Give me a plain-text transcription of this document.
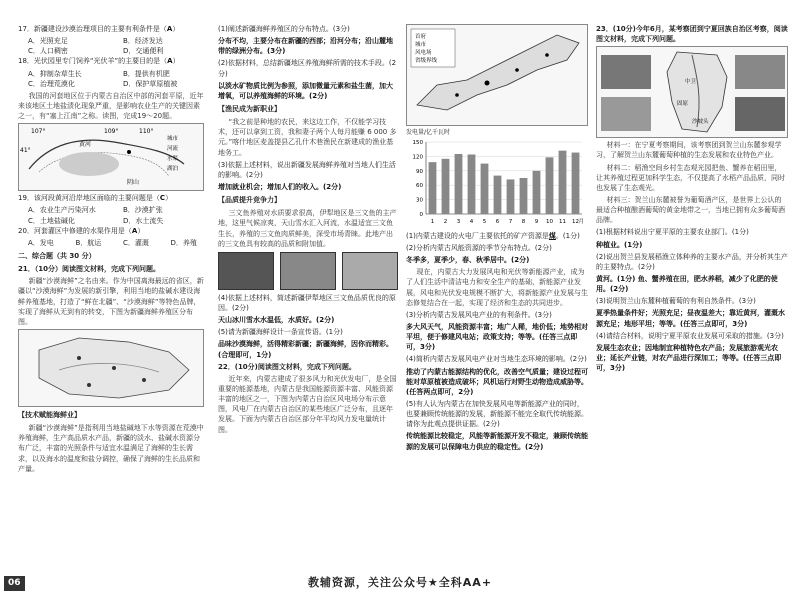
17．新疆建设沙漠治理项目的主要有利条件是（A）
A．光照充足	B．经济发达
C．人口稠密	D．交通便利
18．光伏园里专门饲养“光伏羊”的主要目的是（A）
A．抑制杂草生长	B．提供有机肥
C．治理荒漠化	D．保护草原植被
我国的河套地区位于内蒙古自治区中部的河套平原，近年来该地区土地盐渍化现象严重，是影响农业生产的关键因素之一，有“塞上江南”之称。读图，完成19～20题。
107°	109°	110°
41°
黄河
阴山
城市
河流
水渠
湖泊
19．该河段黄河沿岸地区面临的主要问题是（C）
A．农业生产污染河水	B．沙漠扩张
C．土地盐碱化	D．水土流失
20．河套灌区中修建的水渠作用是（A）
A．发电	B．航运	C．灌溉	D．养殖
二、综合题（共 30 分）
21．（10分）阅读图文材料，完成下列问题。
新疆“沙漠海鲜”之名由来。作为中国离海最远的省区，新疆以“沙漠海鲜”为发展的新引擎，利用当地的盐碱水建设海鲜养殖基地，打造了“鲜在北疆”、“沙漠海鲜”等特色品牌，实现了海鲜从无到有的转变，下图为新疆海鲜养殖区分布图。
【技术赋能海鲜业】
新疆“沙漠海鲜”是指利用当地盐碱地下水等资源在荒漠中养殖海鲜，生产高品质水产品，新疆的淡水、盐碱水资源分布广泛，丰富的光照条件与适宜水温满足了海鲜的生长需求，以及海水的温度和盐分调控，确保了海鲜的生长品质和产量。
(1)阐述新疆海鲜养殖区的分布特点。(3分)
分布不均，主要分布在新疆的西部；沿河分布；沿山麓地带的绿洲分布。(3分)
(2)依据材料，总结新疆地区养殖海鲜所需的技术手段。(2分)
以淡水矿物质比例为参照，添加微量元素和盐生菌，加大增氧，可以养殖海鲜的环境。(2分)
【渔民成为新职业】
“我之前是种地的农民，来这边工作，不仅能学习技术，还可以拿到工资，我和妻子两个人每月能赚 6 000 多元。”喀什地区麦盖提县乙孔什木巷渔民在新建成的渔业基地务工。
(3)依据上述材料，说出新疆发展海鲜养殖对当地人们生活的影响。(2分)
增加就业机会；增加人们的收入。(2分)
【品质提升竞争力】
三文鱼养殖对水质要求很高，伊犁地区是三文鱼的主产地，这里气候凉爽，天山雪水汇入河流，水温适宜三文鱼生长，养殖的三文鱼肉质鲜美，深受市场青睐。此地产出的三文鱼具有较高的品质和附加值。
(4)依据上述材料，简述新疆伊犁地区三文鱼品质优良的原因。(2分)
天山冰川雪水水温低，水质好。(2分)
(5)请为新疆海鲜设计一条宣传语。(1分)
品味沙漠海鲜，活得精彩新疆；新疆海鲜，因你而精彩。(合理即可，1分)
22．(10分)阅读图文材料，完成下列问题。
近年来，内蒙古建成了很多风力和光伏发电厂，是全国重要的能源基地，内蒙古是我国能源资源丰富、风能资源丰富的地区之一，下图为内蒙古自治区风电场分布示意图，风电厂在内蒙古自治区的某些地区广泛分布，且逐年发展。下面为内蒙古自治区部分年平均风力发电量统计图。
首府
城市
风电场
省级界线
发电量/亿千瓦时
0
30
60
90
120
150
1 2 3 4 5 6 7 8 9 10 11 12 月
(1)内蒙古建设的火电厂主要依托的矿产资源是煤。(1分)
(2)分析内蒙古风能资源的季节分布特点。(2分)
冬季多，夏季少，春、秋季居中。(2分)
现在，内蒙古大力发展风电和光伏等新能源产业，成为了人们生活中清洁电力和安全生产的基础，新能源产业发展，风电和光伏发电规模不断扩大，将新能源产业发展与生态修复结合在一起，实现了经济和生态的共同进步。
(3)分析内蒙古发展风电产业的有利条件。(3分)
多大风天气，风能资源丰富；地广人稀，地价低；地势相对平坦，便于修建风电站；政策支持；等等。(任答三点即可，3分)
(4)简析内蒙古发展风电产业对当地生态环境的影响。(2分)
推动了内蒙古能源结构的优化，改善空气质量；建设过程可能对草原植被造成破坏；风机运行对野生动物造成威胁等。(任答两点即可，2分)
(5)有人认为内蒙古在加快发展风电等新能源产业的同时，也要兼顾传统能源的发展，新能源不能完全取代传统能源。请你为此观点提供证据。(2分)
传统能源比较稳定，风能等新能源开发不稳定，兼顾传统能源的发展可以保障电力供应的稳定性。(2分)
23．(10分)今年6月，某考察团到宁夏回族自治区考察，阅读图文材料，完成下列问题。
中卫
固原
沙坡头
材料一：在宁夏考察期间，该考察团到贺兰山东麓参观学习，了解贺兰山东麓葡萄种植的生态发展和农业特色产业。
材料二：稻渔空间乡村生态观光园把鱼、蟹养在稻田里，让其养殖过程更加科学生态，不仅提高了水稻产品品质，同时也发展了生态观光。
材料三：贺兰山东麓被誉为葡萄酒产区，是世界上公认的最适合种植酿酒葡萄的黄金地带之一，当地已拥有众多葡萄酒品牌。
(1)根据材料说出宁夏平原的主要农业部门。(1分)
种植业。(1分)
(2)说出贺兰县发展稻渔立体种养的主要水产品，并分析其生产的主要特点。(2分)
黄河。(1分) 鱼、蟹养殖在田，肥水养稻，减少了化肥的使用。(2分)
(3)说明贺兰山东麓种植葡萄的有利自然条件。(3分)
夏季热量条件好；光照充足；昼夜温差大；靠近黄河，灌溉水源充足；地形平坦；等等。(任答三点即可，3分)
(4)请结合材料，说明宁夏平原农业发展可采取的措施。(3分)
发展生态农业；因地制宜种植特色农产品；发展旅游观光农业；延长产业链，对农产品进行深加工；等等。(任答三点即可，3分)
06	教辅资源，关注公众号★全科AA+
